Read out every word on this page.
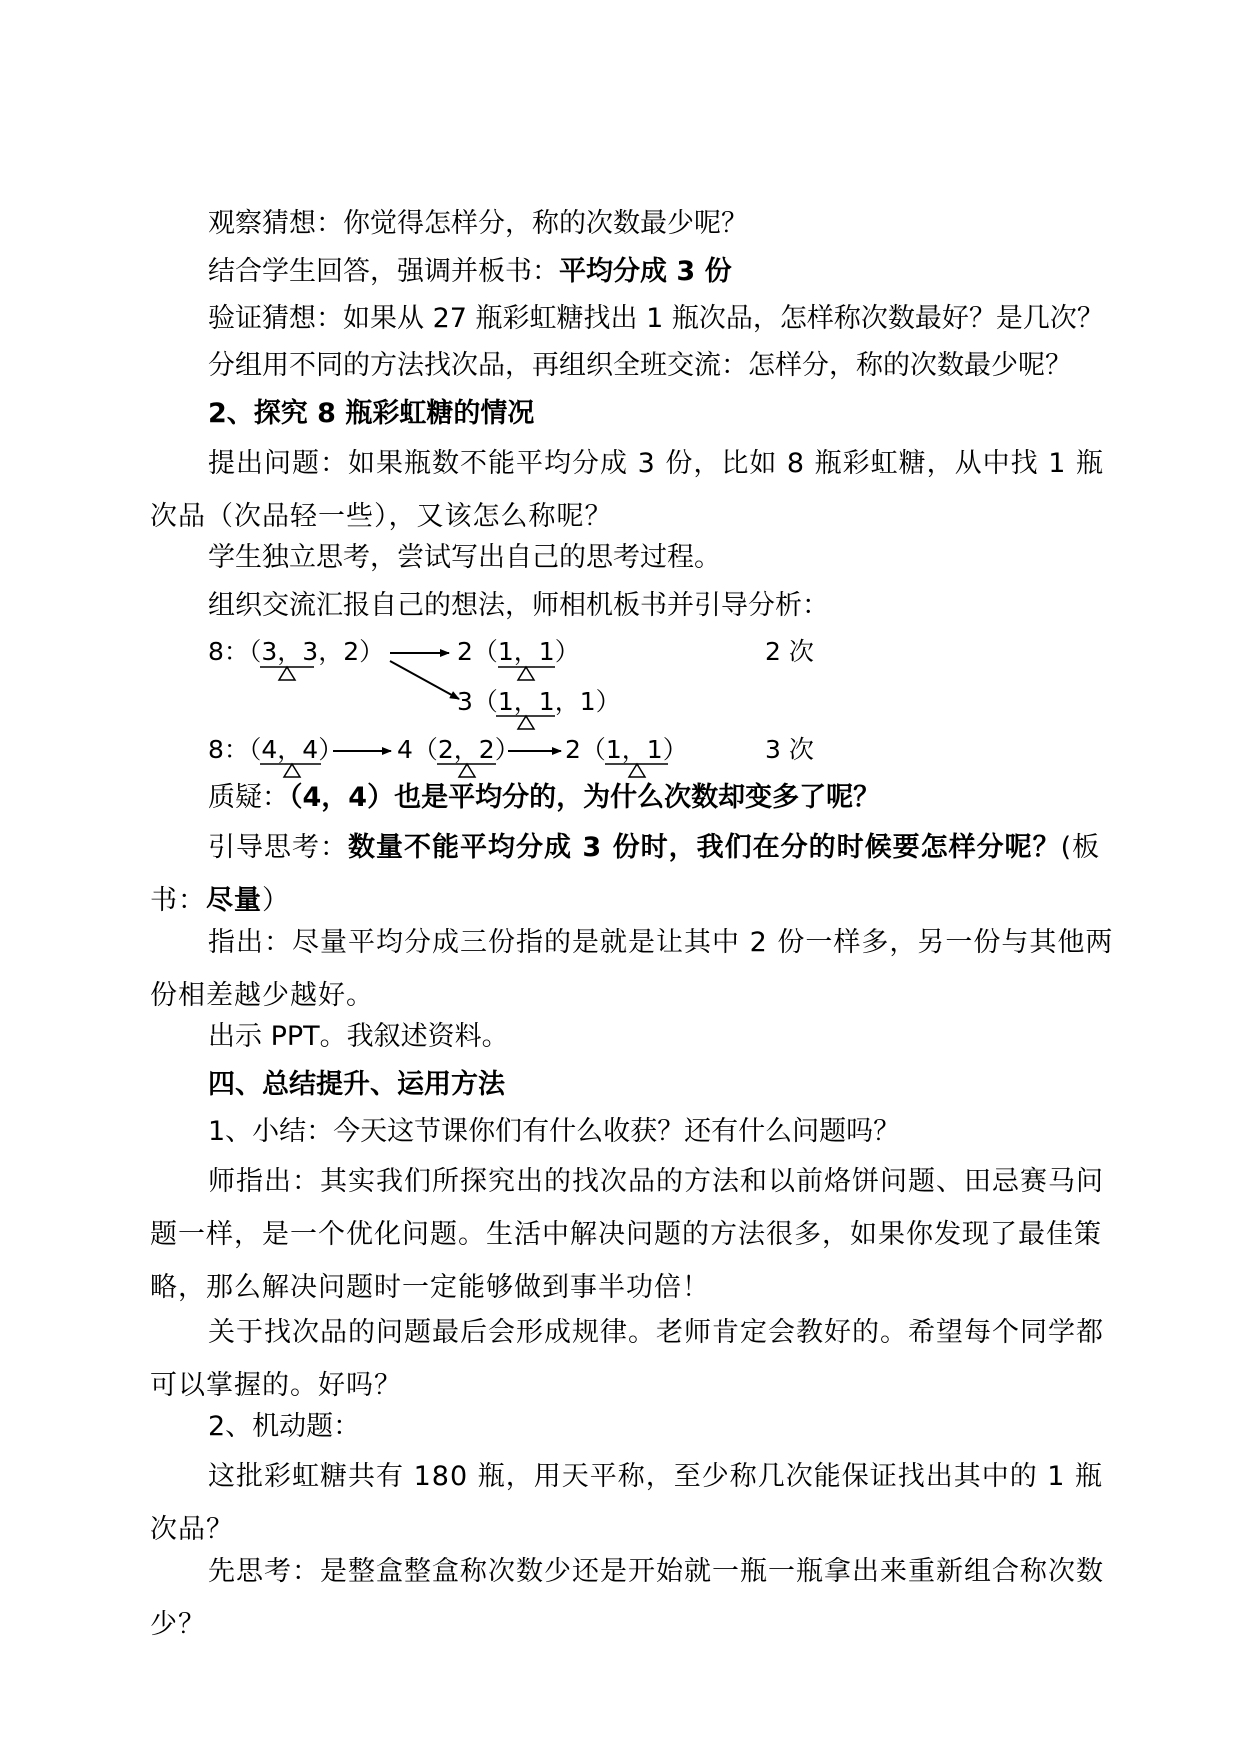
观察猜想：你觉得怎样分，称的次数最少呢？
结合学生回答，强调并板书：平均分成 3 份
验证猜想：如果从 27 瓶彩虹糖找出 1 瓶次品，怎样称次数最好？是几次？
分组用不同的方法找次品，再组织全班交流：怎样分，称的次数最少呢？
2、探究 8 瓶彩虹糖的情况
提出问题：如果瓶数不能平均分成 3 份，比如 8 瓶彩虹糖，从中找 1 瓶次品（次品轻一些），又该怎么称呢？
学生独立思考，尝试写出自己的思考过程。
组织交流汇报自己的想法，师相机板书并引导分析：
8：（3，3，2）	2（1，1）	2 次
3（1，1，1）
8：（4，4） 4（2，2） 2（1，1）	3 次
质疑：（4，4）也是平均分的，为什么次数却变多了呢？
引导思考：数量不能平均分成 3 份时，我们在分的时候要怎样分呢？(板书：尽量）
指出：尽量平均分成三份指的是就是让其中 2 份一样多，另一份与其他两份相差越少越好。
出示 PPT。我叙述资料。
四、总结提升、运用方法
1、小结：今天这节课你们有什么收获？还有什么问题吗？
师指出：其实我们所探究出的找次品的方法和以前烙饼问题、田忌赛马问题一样，是一个优化问题。生活中解决问题的方法很多，如果你发现了最佳策略，那么解决问题时一定能够做到事半功倍！
关于找次品的问题最后会形成规律。老师肯定会教好的。希望每个同学都可以掌握的。好吗？
2、机动题：
这批彩虹糖共有 180 瓶，用天平称，至少称几次能保证找出其中的 1 瓶次品？
先思考：是整盒整盒称次数少还是开始就一瓶一瓶拿出来重新组合称次数少？
